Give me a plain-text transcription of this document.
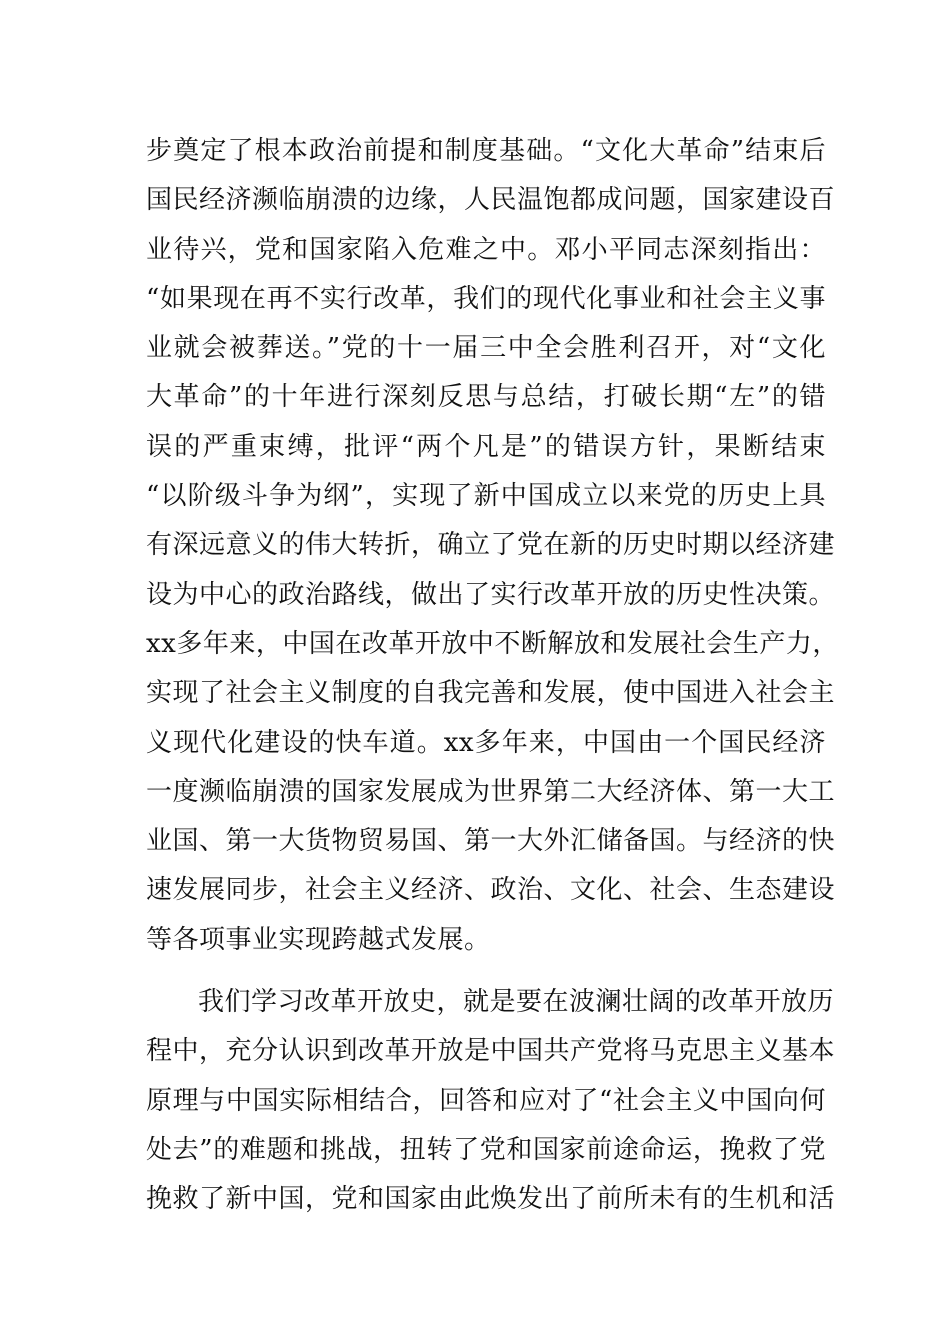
步奠定了根本政治前提和制度基础。“文化大革命”结束后
国民经济濒临崩溃的边缘，人民温饱都成问题，国家建设百
业待兴，党和国家陷入危难之中。邓小平同志深刻指出：
“如果现在再不实行改革，我们的现代化事业和社会主义事
业就会被葬送。”党的十一届三中全会胜利召开，对“文化
大革命”的十年进行深刻反思与总结，打破长期“左”的错
误的严重束缚，批评“两个凡是”的错误方针，果断结束
“以阶级斗争为纲”，实现了新中国成立以来党的历史上具
有深远意义的伟大转折，确立了党在新的历史时期以经济建
设为中心的政治路线，做出了实行改革开放的历史性决策。
xx多年来，中国在改革开放中不断解放和发展社会生产力，
实现了社会主义制度的自我完善和发展，使中国进入社会主
义现代化建设的快车道。xx多年来，中国由一个国民经济
一度濒临崩溃的国家发展成为世界第二大经济体、第一大工
业国、第一大货物贸易国、第一大外汇储备国。与经济的快
速发展同步，社会主义经济、政治、文化、社会、生态建设
等各项事业实现跨越式发展。
我们学习改革开放史，就是要在波澜壮阔的改革开放历
程中，充分认识到改革开放是中国共产党将马克思主义基本
原理与中国实际相结合，回答和应对了“社会主义中国向何
处去”的难题和挑战，扭转了党和国家前途命运，挽救了党
挽救了新中国，党和国家由此焕发出了前所未有的生机和活
